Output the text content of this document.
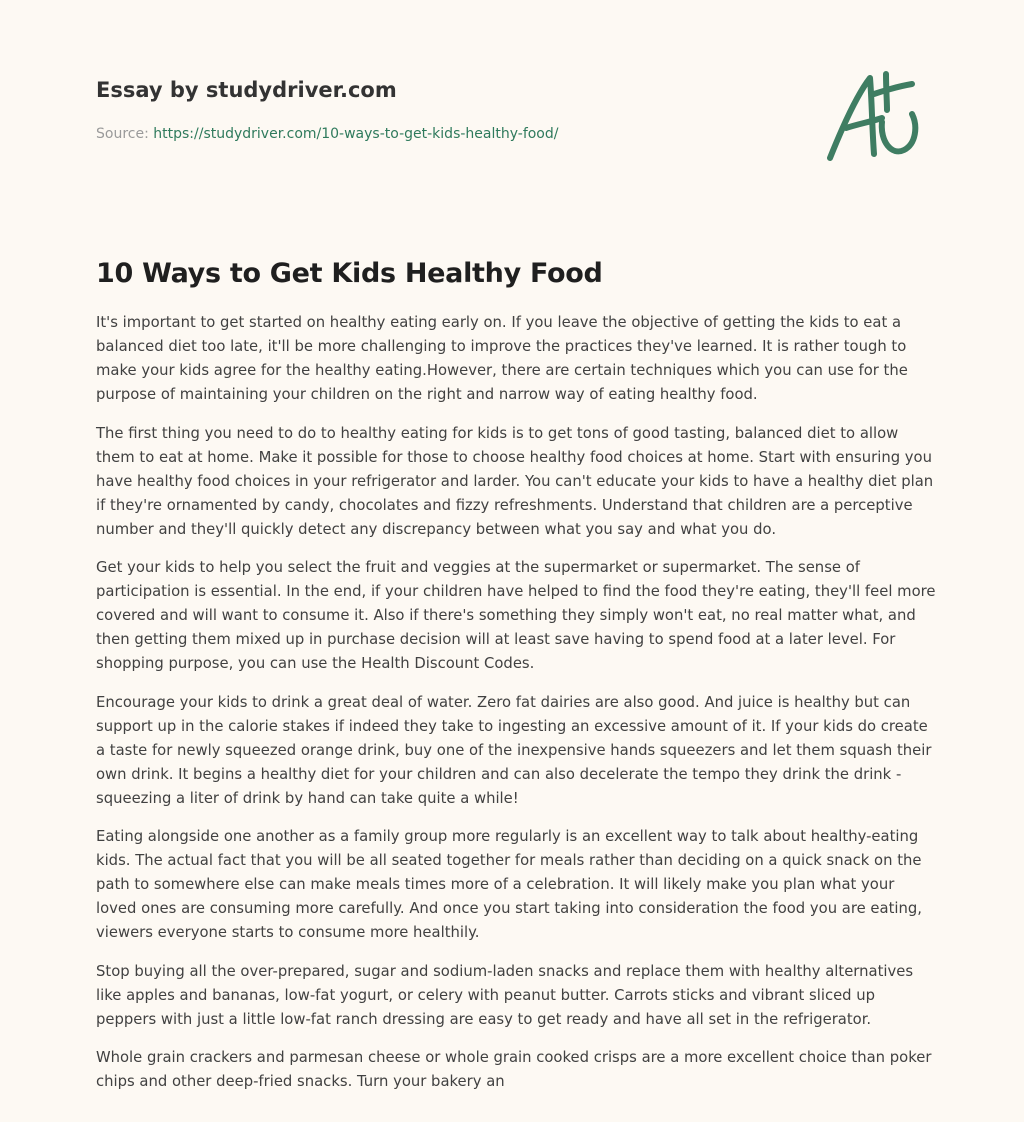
Essay by studydriver.com
Source: https://studydriver.com/10-ways-to-get-kids-healthy-food/
10 Ways to Get Kids Healthy Food

It's important to get started on healthy eating early on. If you leave the objective of getting the kids to eat a balanced diet too late, it'll be more challenging to improve the practices they've learned. It is rather tough to make your kids agree for the healthy eating.However, there are certain techniques which you can use for the purpose of maintaining your children on the right and narrow way of eating healthy food.

The first thing you need to do to healthy eating for kids is to get tons of good tasting, balanced diet to allow them to eat at home. Make it possible for those to choose healthy food choices at home. Start with ensuring you have healthy food choices in your refrigerator and larder. You can't educate your kids to have a healthy diet plan if they're ornamented by candy, chocolates and fizzy refreshments. Understand that children are a perceptive number and they'll quickly detect any discrepancy between what you say and what you do.

Get your kids to help you select the fruit and veggies at the supermarket or supermarket. The sense of participation is essential. In the end, if your children have helped to find the food they're eating, they'll feel more covered and will want to consume it. Also if there's something they simply won't eat, no real matter what, and then getting them mixed up in purchase decision will at least save having to spend food at a later level. For shopping purpose, you can use the Health Discount Codes.

Encourage your kids to drink a great deal of water. Zero fat dairies are also good. And juice is healthy but can support up in the calorie stakes if indeed they take to ingesting an excessive amount of it. If your kids do create a taste for newly squeezed orange drink, buy one of the inexpensive hands squeezers and let them squash their own drink. It begins a healthy diet for your children and can also decelerate the tempo they drink the drink - squeezing a liter of drink by hand can take quite a while!

Eating alongside one another as a family group more regularly is an excellent way to talk about healthy-eating kids. The actual fact that you will be all seated together for meals rather than deciding on a quick snack on the path to somewhere else can make meals times more of a celebration. It will likely make you plan what your loved ones are consuming more carefully. And once you start taking into consideration the food you are eating, viewers everyone starts to consume more healthily.

Stop buying all the over-prepared, sugar and sodium-laden snacks and replace them with healthy alternatives like apples and bananas, low-fat yogurt, or celery with peanut butter. Carrots sticks and vibrant sliced up peppers with just a little low-fat ranch dressing are easy to get ready and have all set in the refrigerator.

Whole grain crackers and parmesan cheese or whole grain cooked crisps are a more excellent choice than poker chips and other deep-fried snacks. Turn your bakery an
